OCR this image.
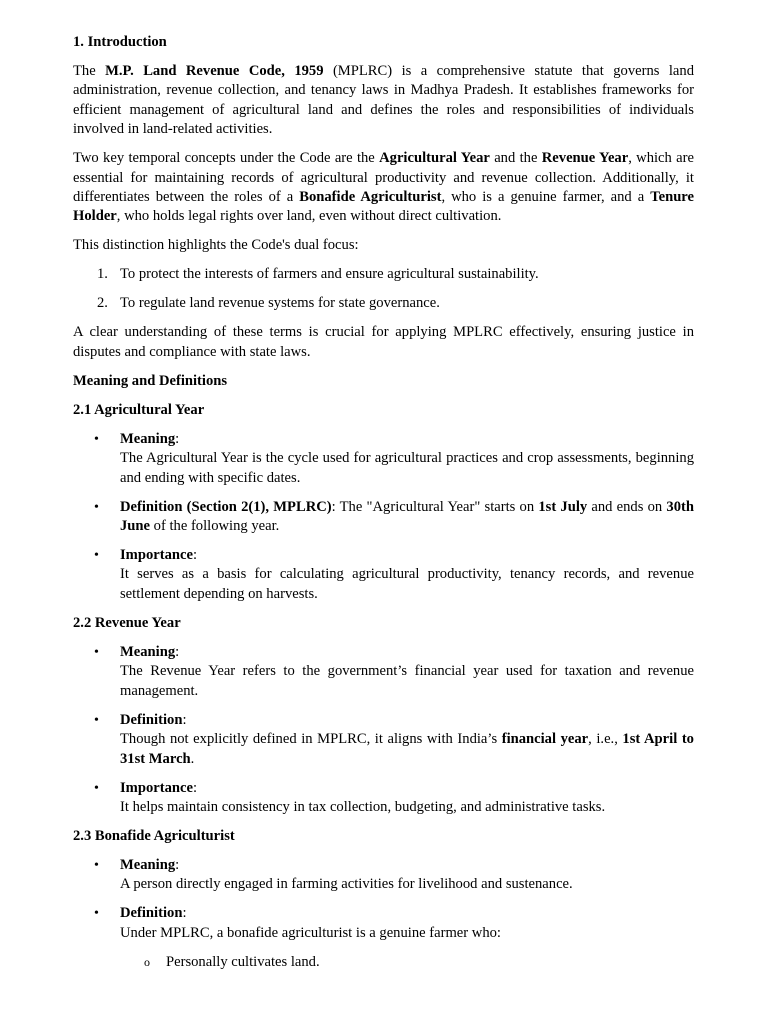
1. Introduction

The M.P. Land Revenue Code, 1959 (MPLRC) is a comprehensive statute that governs land administration, revenue collection, and tenancy laws in Madhya Pradesh. It establishes frameworks for efficient management of agricultural land and defines the roles and responsibilities of individuals involved in land-related activities.

Two key temporal concepts under the Code are the Agricultural Year and the Revenue Year, which are essential for maintaining records of agricultural productivity and revenue collection. Additionally, it differentiates between the roles of a Bonafide Agriculturist, who is a genuine farmer, and a Tenure Holder, who holds legal rights over land, even without direct cultivation.

This distinction highlights the Code's dual focus:

1. To protect the interests of farmers and ensure agricultural sustainability.
2. To regulate land revenue systems for state governance.

A clear understanding of these terms is crucial for applying MPLRC effectively, ensuring justice in disputes and compliance with state laws.

Meaning and Definitions
2.1 Agricultural Year
• Meaning:
The Agricultural Year is the cycle used for agricultural practices and crop assessments, beginning and ending with specific dates.
• Definition (Section 2(1), MPLRC): The "Agricultural Year" starts on 1st July and ends on 30th June of the following year.
• Importance:
It serves as a basis for calculating agricultural productivity, tenancy records, and revenue settlement depending on harvests.
2.2 Revenue Year
• Meaning:
The Revenue Year refers to the government’s financial year used for taxation and revenue management.
• Definition:
Though not explicitly defined in MPLRC, it aligns with India’s financial year, i.e., 1st April to 31st March.
• Importance:
It helps maintain consistency in tax collection, budgeting, and administrative tasks.
2.3 Bonafide Agriculturist
• Meaning:
A person directly engaged in farming activities for livelihood and sustenance.
• Definition:
Under MPLRC, a bonafide agriculturist is a genuine farmer who:
o Personally cultivates land.
